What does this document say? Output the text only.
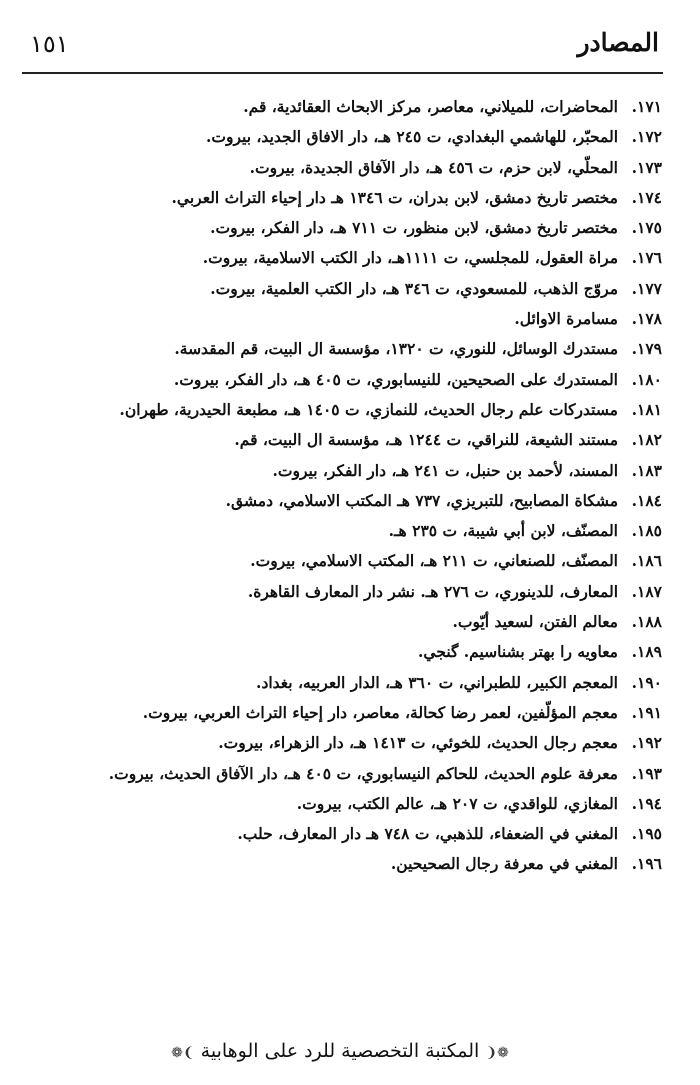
المصادر
١٥١
١٧١.
المحاضرات، للميلاني، معاصر، مركز الابحاث العقائدية، قم.
١٧٢.
المحبّر، للهاشمي البغدادي، ت ٢٤٥ هـ، دار الافاق الجديد، بيروت.
١٧٣.
المحلّي، لابن حزم، ت ٤٥٦ هـ، دار الآفاق الجديدة، بيروت.
١٧٤.
مختصر تاريخ دمشق، لابن بدران، ت ١٣٤٦ هـ دار إحياء التراث العربي.
١٧٥.
مختصر تاريخ دمشق، لابن منظور، ت ٧١١ هـ، دار الفكر، بيروت.
١٧٦.
مراة العقول، للمجلسي، ت ١١١١هـ، دار الكتب الاسلامية، بيروت.
١٧٧.
مروّج الذهب، للمسعودي، ت ٣٤٦ هـ، دار الكتب العلمية، بيروت.
١٧٨.
مسامرة الاوائل.
١٧٩.
مستدرك الوسائل، للنوري، ت ١٣٢٠، مؤسسة ال البيت، قم المقدسة.
١٨٠.
المستدرك على الصحيحين، للنيسابوري، ت ٤٠٥ هـ، دار الفكر، بيروت.
١٨١.
مستدركات علم رجال الحديث، للنمازي، ت ١٤٠٥ هـ، مطبعة الحيدرية، طهران.
١٨٢.
مستند الشيعة، للنراقي، ت ١٢٤٤ هـ، مؤسسة ال البيت، قم.
١٨٣.
المسند، لأحمد بن حنبل، ت ٢٤١ هـ، دار الفكر، بيروت.
١٨٤.
مشكاة المصابيح، للتبريزي، ٧٣٧ هـ المكتب الاسلامي، دمشق.
١٨٥.
المصنّف، لابن أبي شيبة، ت ٢٣٥ هـ.
١٨٦.
المصنّف، للصنعاني، ت ٢١١ هـ، المكتب الاسلامي، بيروت.
١٨٧.
المعارف، للدينوري، ت ٢٧٦ هـ. نشر دار المعارف القاهرة.
١٨٨.
معالم الفتن، لسعيد أيّوب.
١٨٩.
معاويه را بهتر بشناسيم. گنجي.
١٩٠.
المعجم الكبير، للطبراني، ت ٣٦٠ هـ، الدار العربيه، بغداد.
١٩١.
معجم المؤلّفين، لعمر رضا كحالة، معاصر، دار إحياء التراث العربي، بيروت.
١٩٢.
معجم رجال الحديث، للخوئي، ت ١٤١٣ هـ، دار الزهراء، بيروت.
١٩٣.
معرفة علوم الحديث، للحاكم النيسابوري، ت ٤٠٥ هـ، دار الآفاق الحديث، بيروت.
١٩٤.
المغازي، للواقدي، ت ٢٠٧ هـ، عالم الكتب، بيروت.
١٩٥.
المغني في الضعفاء، للذهبي، ت ٧٤٨ هـ دار المعارف، حلب.
١٩٦.
المغني في معرفة رجال الصحيحين.
❁❨ المكتبة التخصصية للرد على الوهابية ❩❁
